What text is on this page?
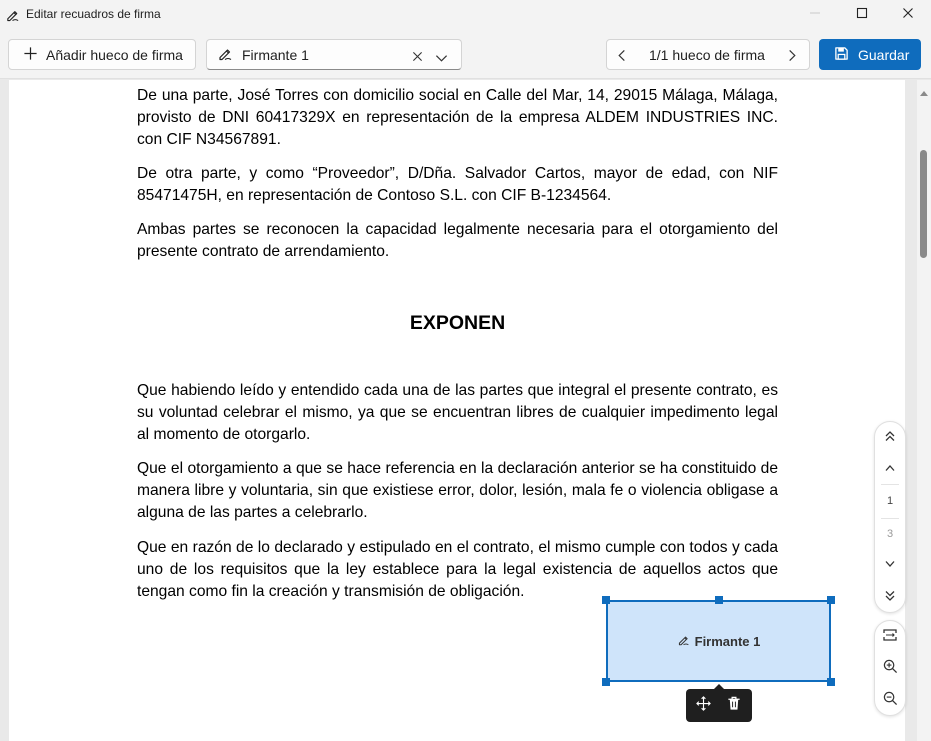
Editar recuadros de firma
Añadir hueco de firma	Firmante 1	1/1 hueco de firma	Guardar

De una parte, José Torres con domicilio social en Calle del Mar, 14, 29015 Málaga, Málaga, provisto de DNI 60417329X en representación de la empresa ALDEM INDUSTRIES INC. con CIF N34567891.

De otra parte, y como “Proveedor”, D/Dña. Salvador Cartos, mayor de edad, con NIF 85471475H, en representación de Contoso S.L. con CIF B-1234564.

Ambas partes se reconocen la capacidad legalmente necesaria para el otorgamiento del presente contrato de arrendamiento.

EXPONEN

Que habiendo leído y entendido cada una de las partes que integral el presente contrato, es su voluntad celebrar el mismo, ya que se encuentran libres de cualquier impedimento legal al momento de otorgarlo.

Que el otorgamiento a que se hace referencia en la declaración anterior se ha constituido de manera libre y voluntaria, sin que existiese error, dolor, lesión, mala fe o violencia obligase a alguna de las partes a celebrarlo.

Que en razón de lo declarado y estipulado en el contrato, el mismo cumple con todos y cada uno de los requisitos que la ley establece para la legal existencia de aquellos actos que tengan como fin la creación y transmisión de obligación.

1
3
Firmante 1
